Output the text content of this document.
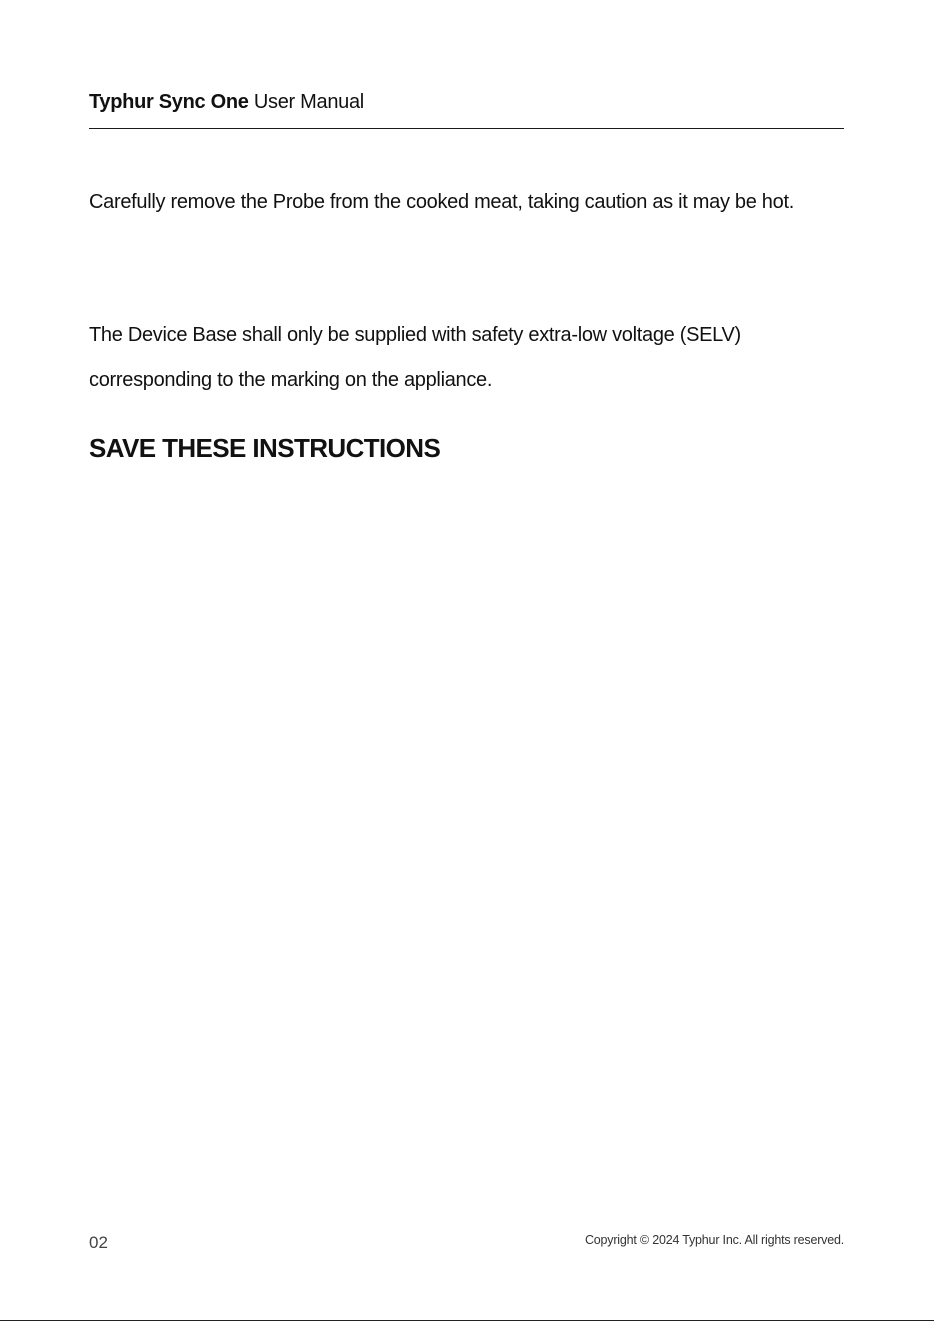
Typhur Sync One User Manual

Carefully remove the Probe from the cooked meat, taking caution as it may be hot.

The Device Base shall only be supplied with safety extra-low voltage (SELV) corresponding to the marking on the appliance.

SAVE THESE INSTRUCTIONS
02	Copyright © 2024 Typhur Inc. All rights reserved.
